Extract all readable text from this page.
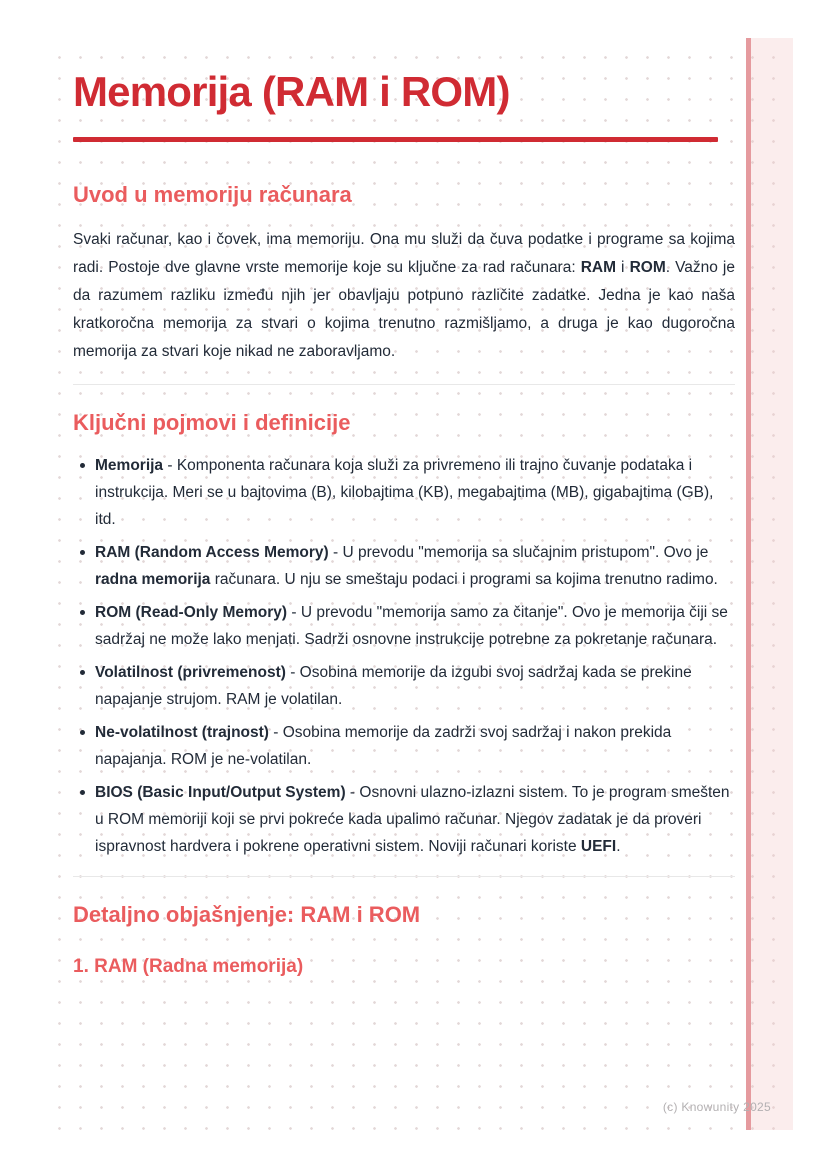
Memorija (RAM i ROM)
Uvod u memoriju računara

Svaki računar, kao i čovek, ima memoriju. Ona mu služi da čuva podatke i programe sa kojima radi. Postoje dve glavne vrste memorije koje su ključne za rad računara: RAM i ROM. Važno je da razumem razliku između njih jer obavljaju potpuno različite zadatke. Jedna je kao naša kratkoročna memorija za stvari o kojima trenutno razmišljamo, a druga je kao dugoročna memorija za stvari koje nikad ne zaboravljamo.

Ključni pojmovi i definicije
Memorija - Komponenta računara koja služi za privremeno ili trajno čuvanje podataka i instrukcija. Meri se u bajtovima (B), kilobajtima (KB), megabajtima (MB), gigabajtima (GB), itd.
RAM (Random Access Memory) - U prevodu "memorija sa slučajnim pristupom". Ovo je radna memorija računara. U nju se smeštaju podaci i programi sa kojima trenutno radimo.
ROM (Read-Only Memory) - U prevodu "memorija samo za čitanje". Ovo je memorija čiji se sadržaj ne može lako menjati. Sadrži osnovne instrukcije potrebne za pokretanje računara.
Volatilnost (privremenost) - Osobina memorije da izgubi svoj sadržaj kada se prekine napajanje strujom. RAM je volatilan.
Ne-volatilnost (trajnost) - Osobina memorije da zadrži svoj sadržaj i nakon prekida napajanja. ROM je ne-volatilan.
BIOS (Basic Input/Output System) - Osnovni ulazno-izlazni sistem. To je program smešten u ROM memoriji koji se prvi pokreće kada upalimo računar. Njegov zadatak je da proveri ispravnost hardvera i pokrene operativni sistem. Noviji računari koriste UEFI.
Detaljno objašnjenje: RAM i ROM
1. RAM (Radna memorija)
(c) Knowunity 2025
